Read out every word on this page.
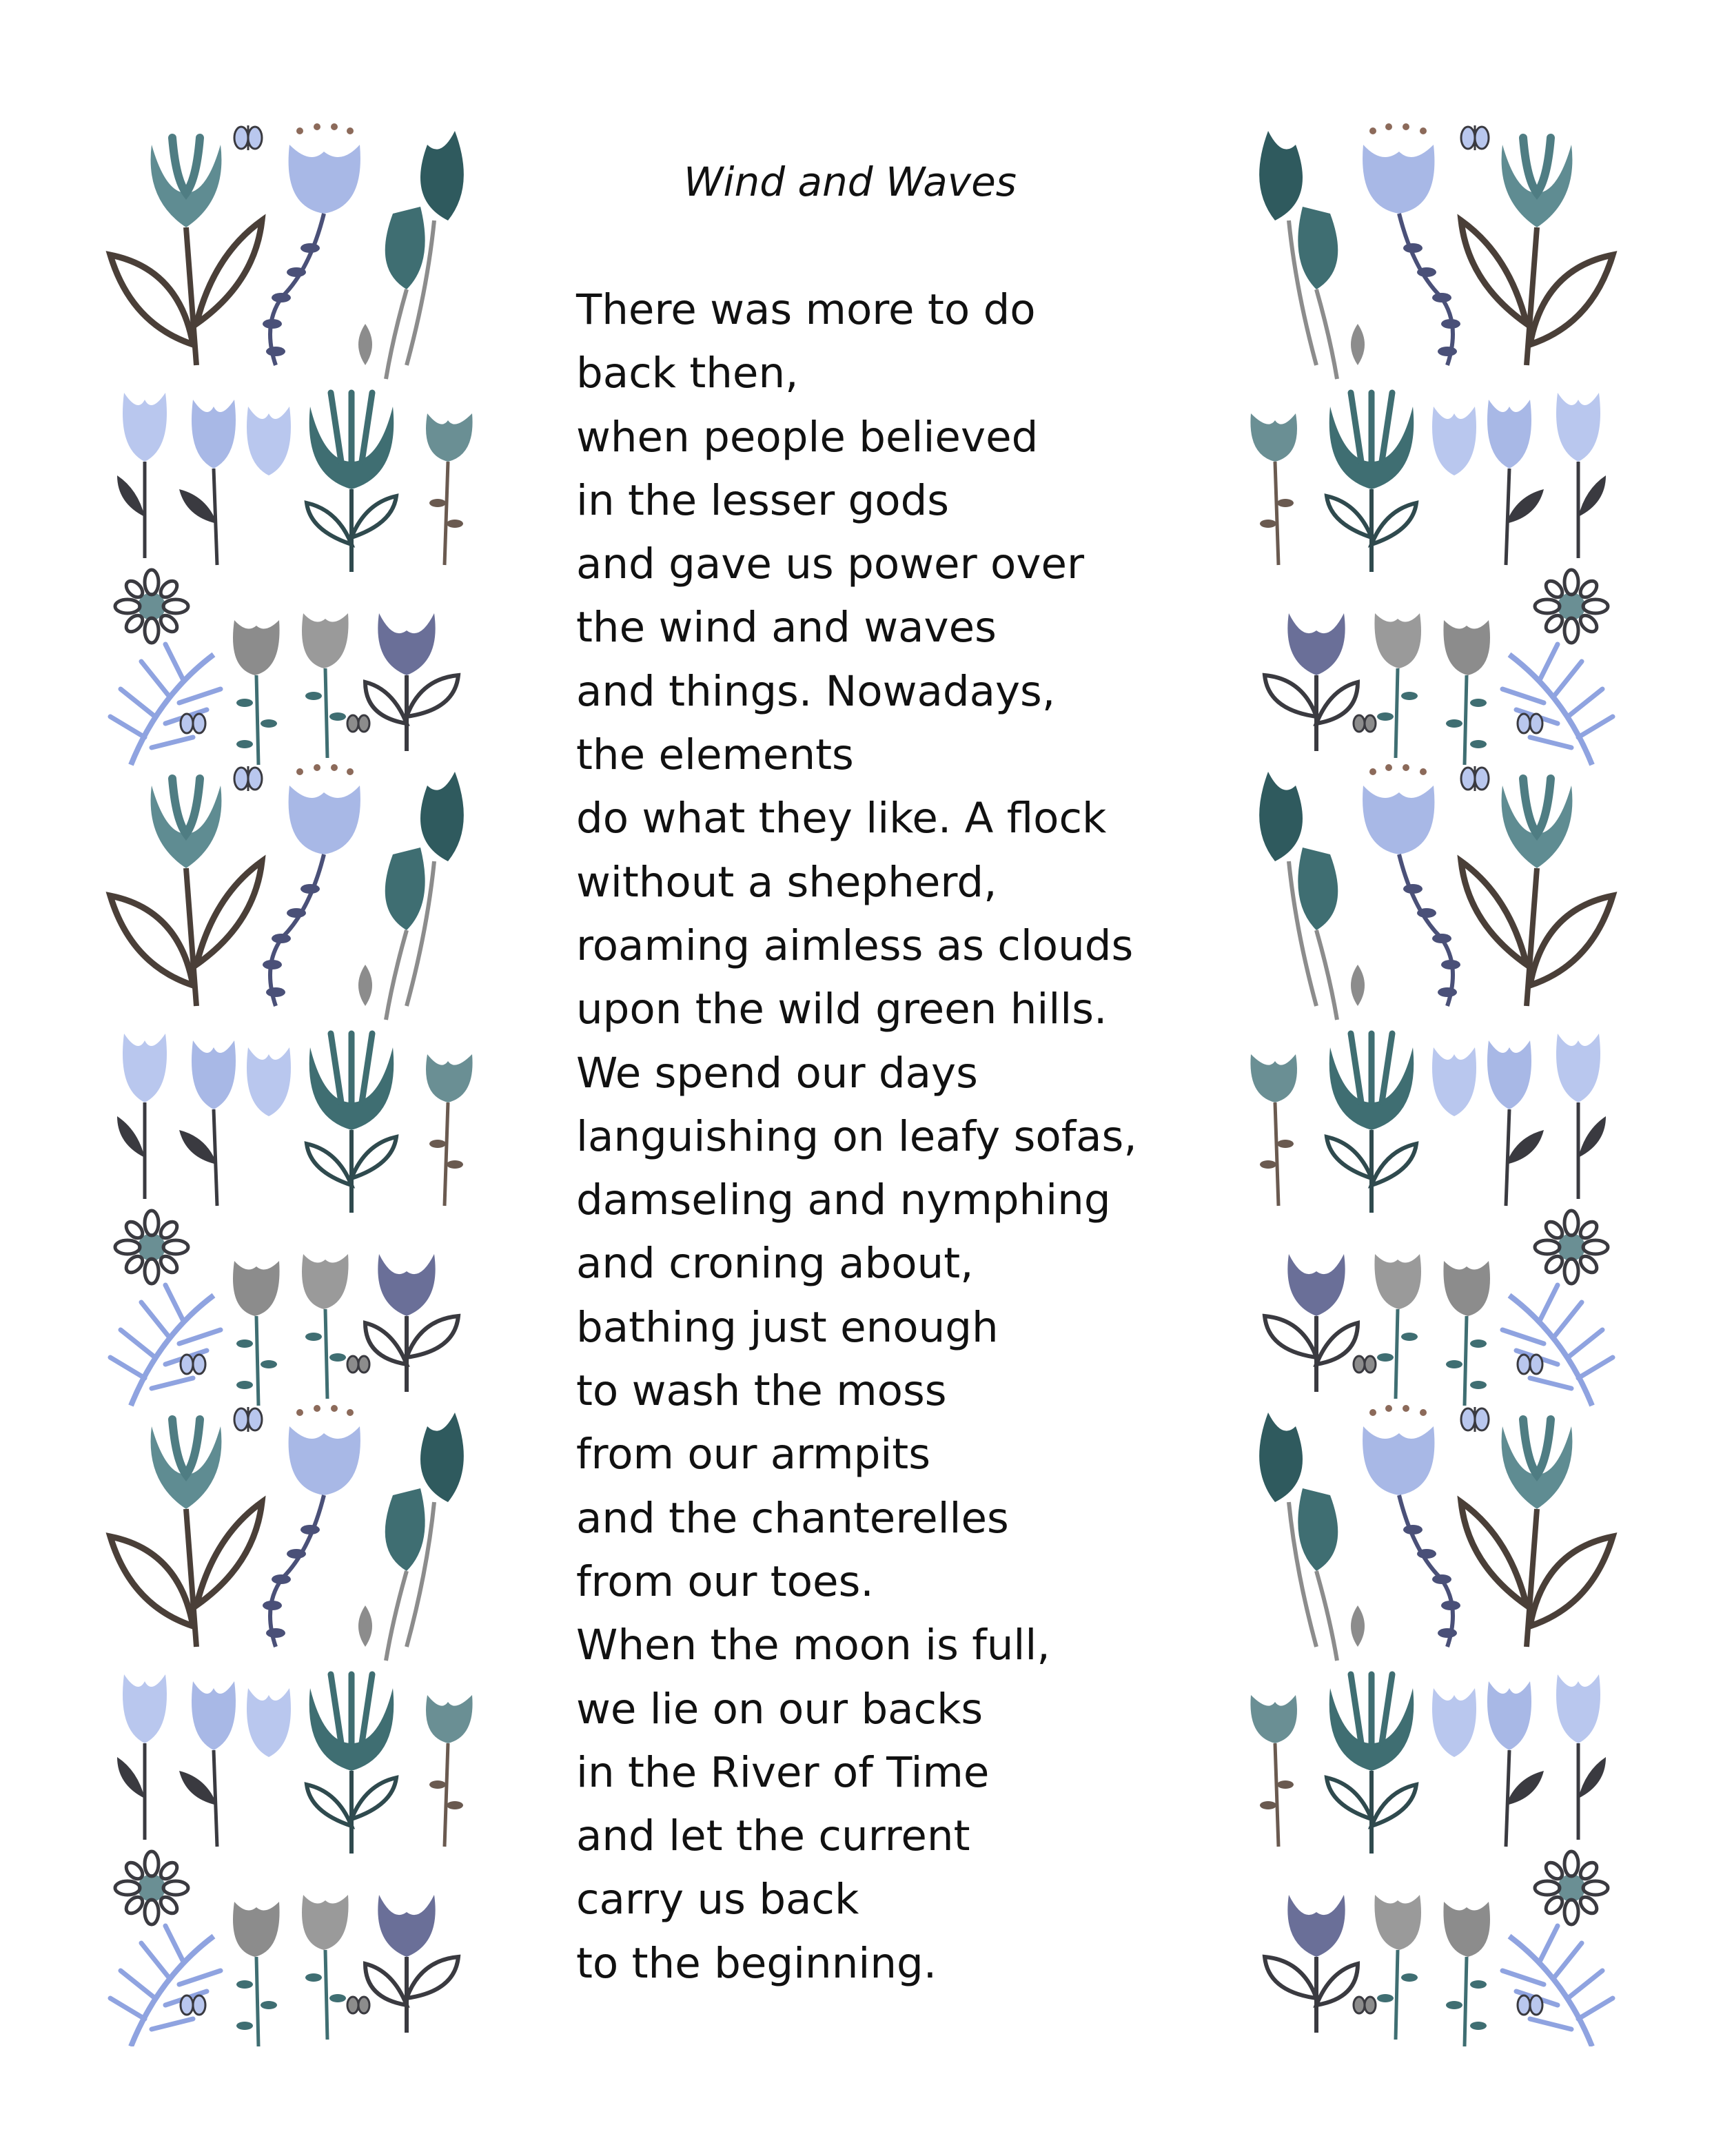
Wind and Waves
There was more to do
back then,
when people believed
in the lesser gods
and gave us power over
the wind and waves
and things. Nowadays,
the elements
do what they like. A flock
without a shepherd,
roaming aimless as clouds
upon the wild green hills.
We spend our days
languishing on leafy sofas,
damseling and nymphing
and croning about,
bathing just enough
to wash the moss
from our armpits
and the chanterelles
from our toes.
When the moon is full,
we lie on our backs
in the River of Time
and let the current
carry us back
to the beginning.
